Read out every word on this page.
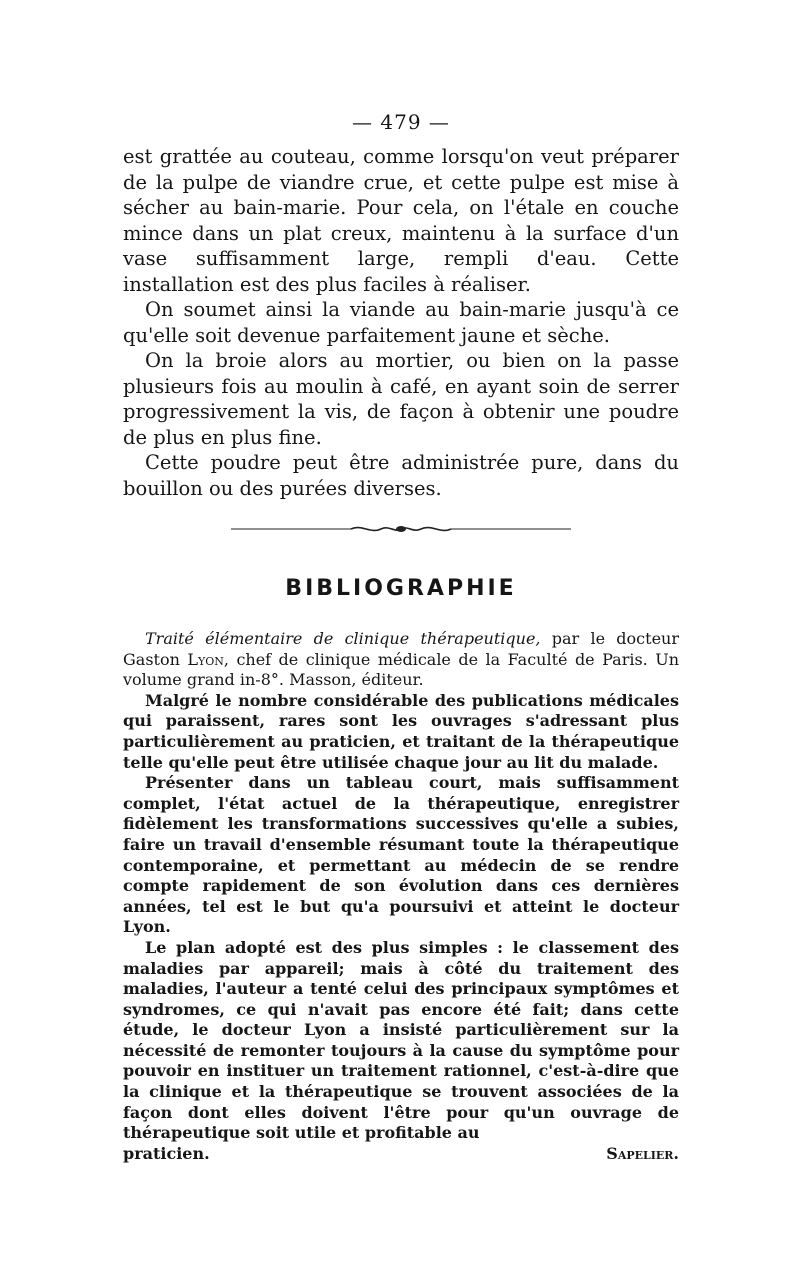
— 479 —

est grattée au couteau, comme lorsqu'on veut préparer de la pulpe de viandre crue, et cette pulpe est mise à sécher au bain-marie. Pour cela, on l'étale en couche mince dans un plat creux, maintenu à la surface d'un vase suffisamment large, rempli d'eau. Cette installation est des plus faciles à réaliser.

On soumet ainsi la viande au bain-marie jusqu'à ce qu'elle soit devenue parfaitement jaune et sèche.

On la broie alors au mortier, ou bien on la passe plusieurs fois au moulin à café, en ayant soin de serrer progressivement la vis, de façon à obtenir une poudre de plus en plus fine.

Cette poudre peut être administrée pure, dans du bouillon ou des purées diverses.

BIBLIOGRAPHIE

Traité élémentaire de clinique thérapeutique, par le docteur Gaston Lyon, chef de clinique médicale de la Faculté de Paris. Un volume grand in-8°. Masson, éditeur.

Malgré le nombre considérable des publications médicales qui paraissent, rares sont les ouvrages s'adressant plus particulièrement au praticien, et traitant de la thérapeutique telle qu'elle peut être utilisée chaque jour au lit du malade.

Présenter dans un tableau court, mais suffisamment complet, l'état actuel de la thérapeutique, enregistrer fidèlement les transformations successives qu'elle a subies, faire un travail d'ensemble résumant toute la thérapeutique contemporaine, et permettant au médecin de se rendre compte rapidement de son évolution dans ces dernières années, tel est le but qu'a poursuivi et atteint le docteur Lyon.

Le plan adopté est des plus simples : le classement des maladies par appareil; mais à côté du traitement des maladies, l'auteur a tenté celui des principaux symptômes et syndromes, ce qui n'avait pas encore été fait; dans cette étude, le docteur Lyon a insisté particulièrement sur la nécessité de remonter toujours à la cause du symptôme pour pouvoir en instituer un traitement rationnel, c'est-à-dire que la clinique et la thérapeutique se trouvent associées de la façon dont elles doivent l'être pour qu'un ouvrage de thérapeutique soit utile et profitable au

praticien.	Sapelier.
